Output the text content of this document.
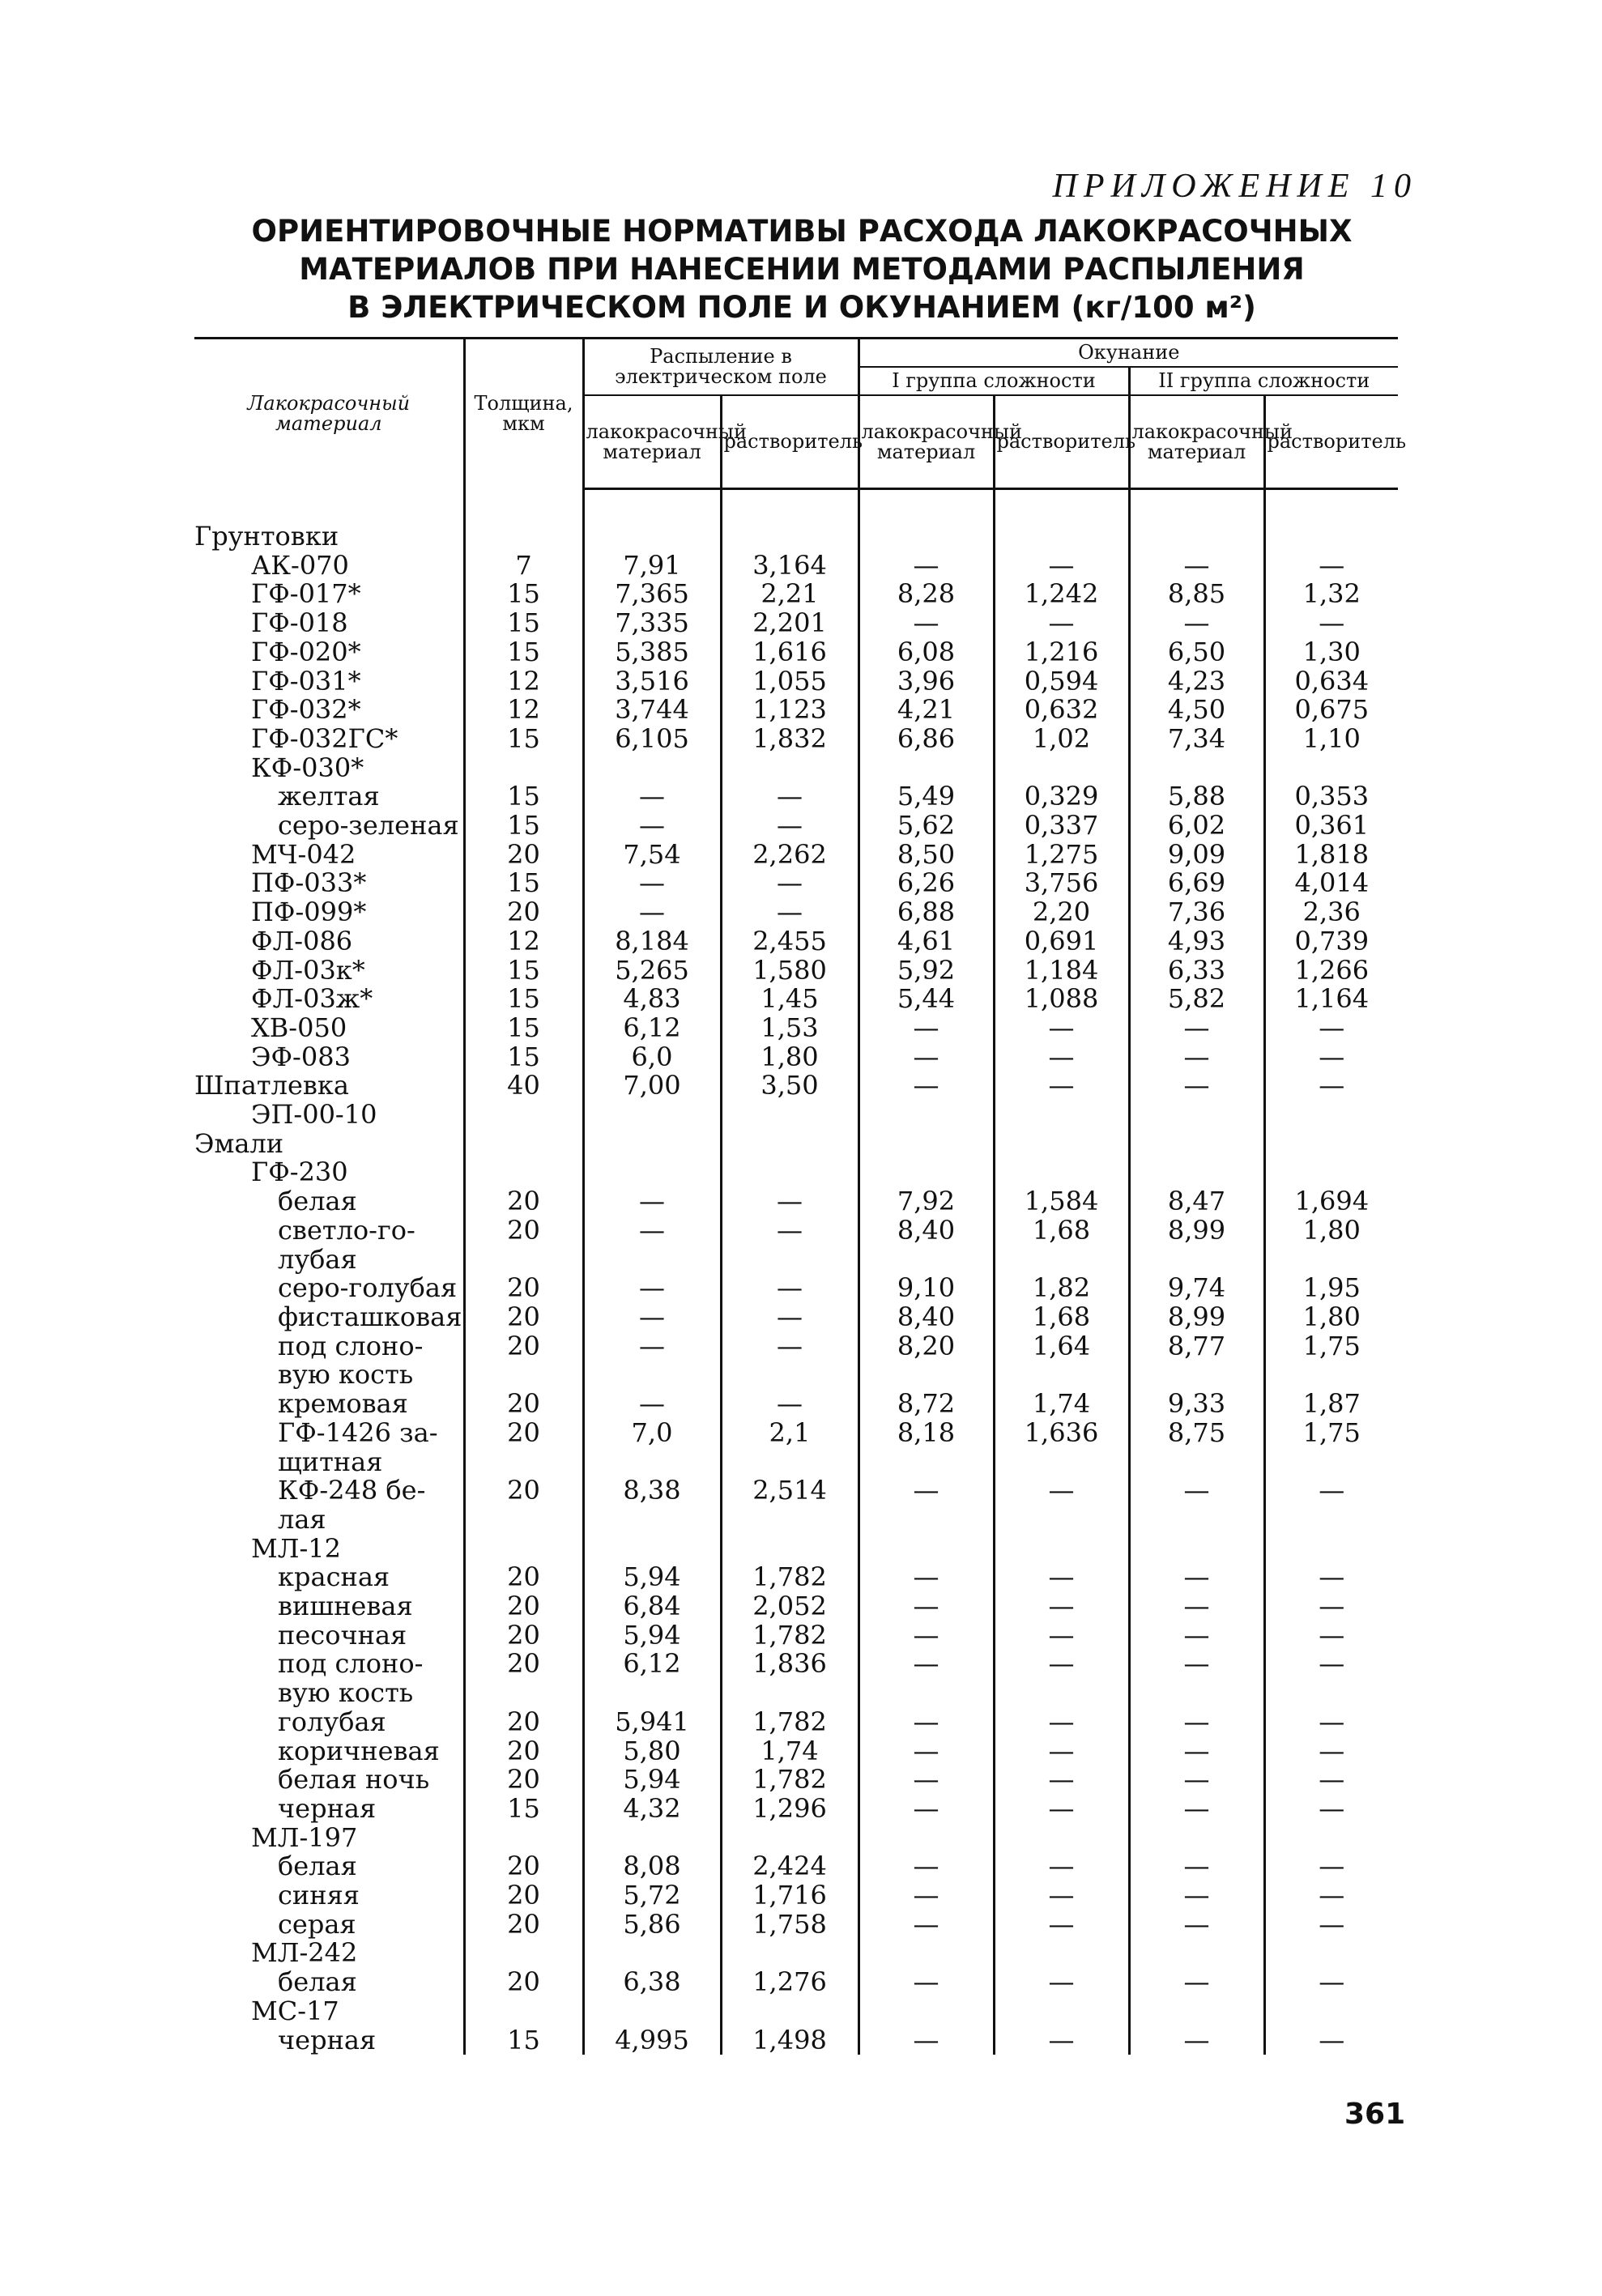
ПРИЛОЖЕНИЕ 10
ОРИЕНТИРОВОЧНЫЕ НОРМАТИВЫ РАСХОДА ЛАКОКРАСОЧНЫХ
МАТЕРИАЛОВ ПРИ НАНЕСЕНИИ МЕТОДАМИ РАСПЫЛЕНИЯ
В ЭЛЕКТРИЧЕСКОМ ПОЛЕ И ОКУНАНИЕМ (кг/100 м²)
Лакокрасочный материал	Толщина, мкм	Распыление в электрическом поле		Окунание			
				I группа сложности		II группа сложности	
		лакокрасочный материал	растворитель	лакокрасочный материал	растворитель	лакокрасочный материал	растворитель

Грунтовки							
АК-070	7	7,91	3,164	—	—	—	—
ГФ-017*	15	7,365	2,21	8,28	1,242	8,85	1,32
ГФ-018	15	7,335	2,201	—	—	—	—
ГФ-020*	15	5,385	1,616	6,08	1,216	6,50	1,30
ГФ-031*	12	3,516	1,055	3,96	0,594	4,23	0,634
ГФ-032*	12	3,744	1,123	4,21	0,632	4,50	0,675
ГФ-032ГС*	15	6,105	1,832	6,86	1,02	7,34	1,10
КФ-030*							
желтая	15	—	—	5,49	0,329	5,88	0,353
серо-зеленая	15	—	—	5,62	0,337	6,02	0,361
МЧ-042	20	7,54	2,262	8,50	1,275	9,09	1,818
ПФ-033*	15	—	—	6,26	3,756	6,69	4,014
ПФ-099*	20	—	—	6,88	2,20	7,36	2,36
ФЛ-086	12	8,184	2,455	4,61	0,691	4,93	0,739
ФЛ-03к*	15	5,265	1,580	5,92	1,184	6,33	1,266
ФЛ-03ж*	15	4,83	1,45	5,44	1,088	5,82	1,164
ХВ-050	15	6,12	1,53	—	—	—	—
ЭФ-083	15	6,0	1,80	—	—	—	—
Шпатлевка	40	7,00	3,50	—	—	—	—
ЭП-00-10							
Эмали							
ГФ-230							
белая	20	—	—	7,92	1,584	8,47	1,694
светло-го-	20	—	—	8,40	1,68	8,99	1,80
лубая							
серо-голубая	20	—	—	9,10	1,82	9,74	1,95
фисташковая	20	—	—	8,40	1,68	8,99	1,80
под слоно-	20	—	—	8,20	1,64	8,77	1,75
вую кость							
кремовая	20	—	—	8,72	1,74	9,33	1,87
ГФ-1426 за-	20	7,0	2,1	8,18	1,636	8,75	1,75
щитная							
КФ-248 бе-	20	8,38	2,514	—	—	—	—
лая							
МЛ-12							
красная	20	5,94	1,782	—	—	—	—
вишневая	20	6,84	2,052	—	—	—	—
песочная	20	5,94	1,782	—	—	—	—
под слоно-	20	6,12	1,836	—	—	—	—
вую кость							
голубая	20	5,941	1,782	—	—	—	—
коричневая	20	5,80	1,74	—	—	—	—
белая ночь	20	5,94	1,782	—	—	—	—
черная	15	4,32	1,296	—	—	—	—
МЛ-197							
белая	20	8,08	2,424	—	—	—	—
синяя	20	5,72	1,716	—	—	—	—
серая	20	5,86	1,758	—	—	—	—
МЛ-242							
белая	20	6,38	1,276	—	—	—	—
МС-17							
черная	15	4,995	1,498	—	—	—	—
361
